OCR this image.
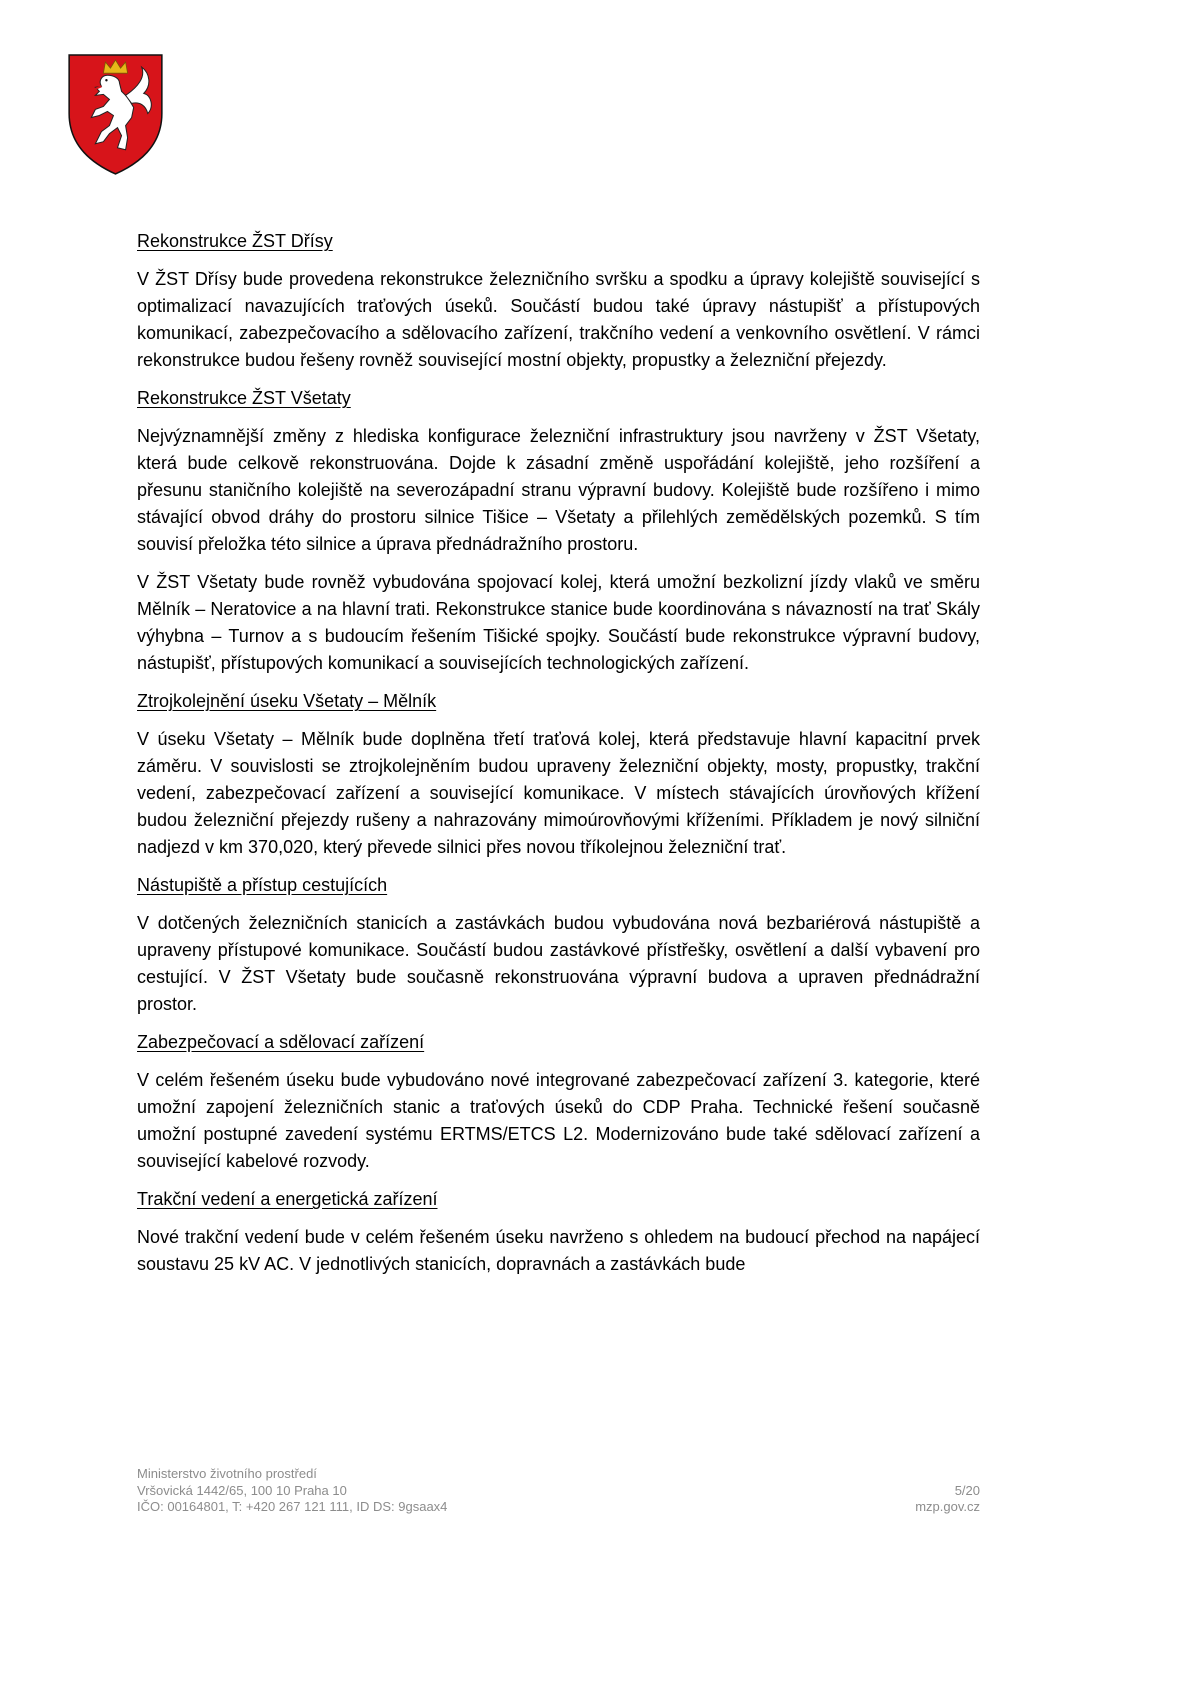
Rekonstrukce ŽST Dřísy

V ŽST Dřísy bude provedena rekonstrukce železničního svršku a spodku a úpravy kolejiště související s optimalizací navazujících traťových úseků. Součástí budou také úpravy nástupišť a přístupových komunikací, zabezpečovacího a sdělovacího zařízení, trakčního vedení a venkovního osvětlení. V rámci rekonstrukce budou řešeny rovněž související mostní objekty, propustky a železniční přejezdy.

Rekonstrukce ŽST Všetaty

Nejvýznamnější změny z hlediska konfigurace železniční infrastruktury jsou navrženy v ŽST Všetaty, která bude celkově rekonstruována. Dojde k zásadní změně uspořádání kolejiště, jeho rozšíření a přesunu staničního kolejiště na severozápadní stranu výpravní budovy. Kolejiště bude rozšířeno i mimo stávající obvod dráhy do prostoru silnice Tišice – Všetaty a přilehlých zemědělských pozemků. S tím souvisí přeložka této silnice a úprava přednádražního prostoru.

V ŽST Všetaty bude rovněž vybudována spojovací kolej, která umožní bezkolizní jízdy vlaků ve směru Mělník – Neratovice a na hlavní trati. Rekonstrukce stanice bude koordinována s návazností na trať Skály výhybna – Turnov a s budoucím řešením Tišické spojky. Součástí bude rekonstrukce výpravní budovy, nástupišť, přístupových komunikací a souvisejících technologických zařízení.

Ztrojkolejnění úseku Všetaty – Mělník

V úseku Všetaty – Mělník bude doplněna třetí traťová kolej, která představuje hlavní kapacitní prvek záměru. V souvislosti se ztrojkolejněním budou upraveny železniční objekty, mosty, propustky, trakční vedení, zabezpečovací zařízení a související komunikace. V místech stávajících úrovňových křížení budou železniční přejezdy rušeny a nahrazovány mimoúrovňovými kříženími. Příkladem je nový silniční nadjezd v km 370,020, který převede silnici přes novou tříkolejnou železniční trať.

Nástupiště a přístup cestujících

V dotčených železničních stanicích a zastávkách budou vybudována nová bezbariérová nástupiště a upraveny přístupové komunikace. Součástí budou zastávkové přístřešky, osvětlení a další vybavení pro cestující. V ŽST Všetaty bude současně rekonstruována výpravní budova a upraven přednádražní prostor.

Zabezpečovací a sdělovací zařízení

V celém řešeném úseku bude vybudováno nové integrované zabezpečovací zařízení 3. kategorie, které umožní zapojení železničních stanic a traťových úseků do CDP Praha. Technické řešení současně umožní postupné zavedení systému ERTMS/ETCS L2. Modernizováno bude také sdělovací zařízení a související kabelové rozvody.

Trakční vedení a energetická zařízení

Nové trakční vedení bude v celém řešeném úseku navrženo s ohledem na budoucí přechod na napájecí soustavu 25 kV AC. V jednotlivých stanicích, dopravnách a zastávkách bude

Ministerstvo životního prostředí
Vršovická 1442/65, 100 10 Praha 10	5/20
IČO: 00164801, T: +420 267 121 111, ID DS: 9gsaax4	mzp.gov.cz
